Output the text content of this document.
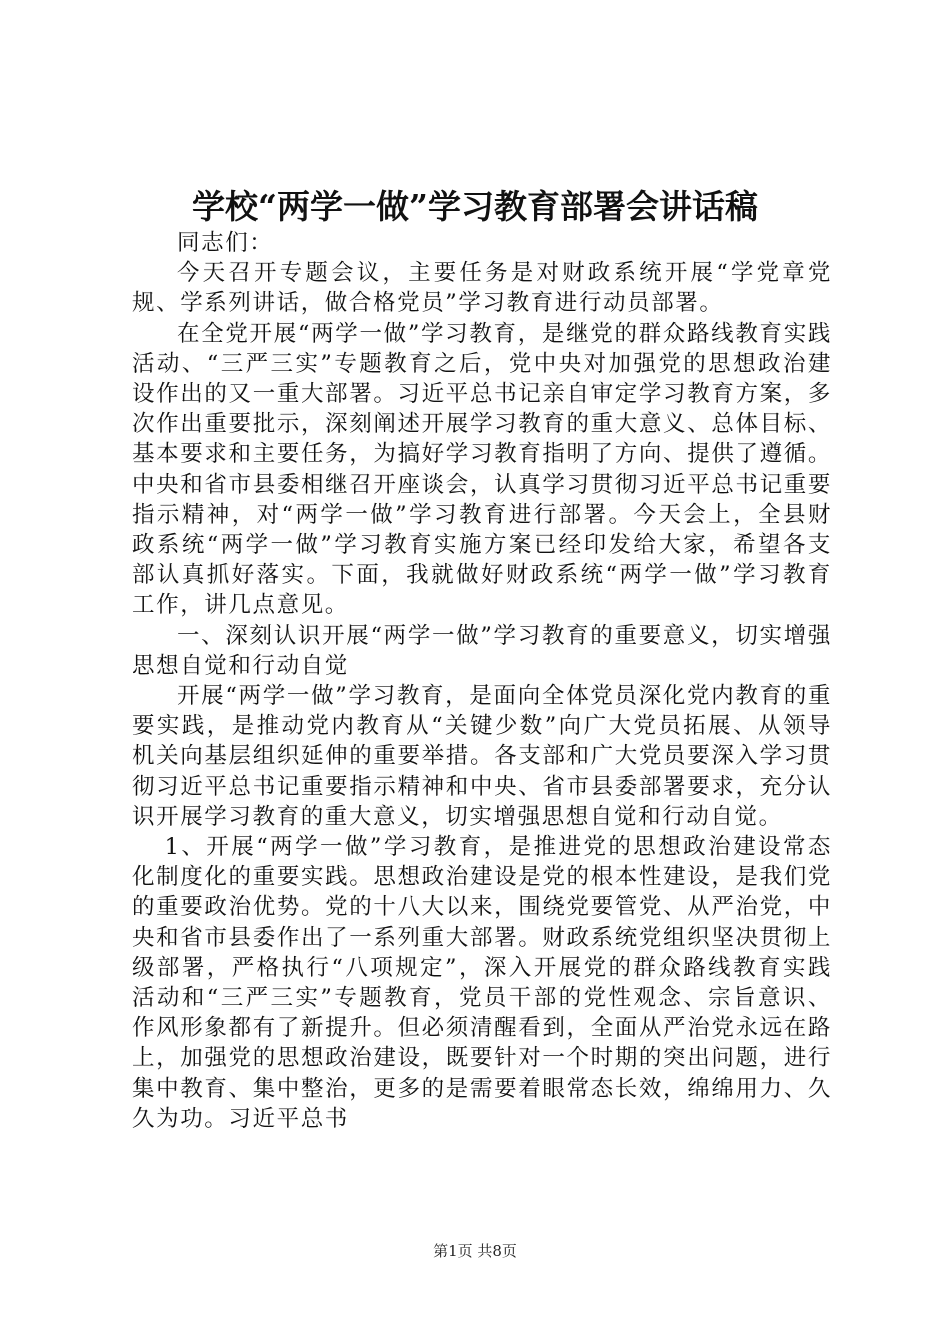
学校“两学一做”学习教育部署会讲话稿

同志们：

今天召开专题会议，主要任务是对财政系统开展“学党章党规、学系列讲话，做合格党员”学习教育进行动员部署。

在全党开展“两学一做”学习教育，是继党的群众路线教育实践活动、“三严三实”专题教育之后，党中央对加强党的思想政治建设作出的又一重大部署。习近平总书记亲自审定学习教育方案，多次作出重要批示，深刻阐述开展学习教育的重大意义、总体目标、基本要求和主要任务，为搞好学习教育指明了方向、提供了遵循。中央和省市县委相继召开座谈会，认真学习贯彻习近平总书记重要指示精神，对“两学一做”学习教育进行部署。今天会上，全县财政系统“两学一做”学习教育实施方案已经印发给大家，希望各支部认真抓好落实。下面，我就做好财政系统“两学一做”学习教育工作，讲几点意见。

一、深刻认识开展“两学一做”学习教育的重要意义，切实增强思想自觉和行动自觉

开展“两学一做”学习教育，是面向全体党员深化党内教育的重要实践，是推动党内教育从“关键少数”向广大党员拓展、从领导机关向基层组织延伸的重要举措。各支部和广大党员要深入学习贯彻习近平总书记重要指示精神和中央、省市县委部署要求，充分认识开展学习教育的重大意义，切实增强思想自觉和行动自觉。

1、开展“两学一做”学习教育，是推进党的思想政治建设常态化制度化的重要实践。思想政治建设是党的根本性建设，是我们党的重要政治优势。党的十八大以来，围绕党要管党、从严治党，中央和省市县委作出了一系列重大部署。财政系统党组织坚决贯彻上级部署，严格执行“八项规定”，深入开展党的群众路线教育实践活动和“三严三实”专题教育，党员干部的党性观念、宗旨意识、作风形象都有了新提升。但必须清醒看到，全面从严治党永远在路上，加强党的思想政治建设，既要针对一个时期的突出问题，进行集中教育、集中整治，更多的是需要着眼常态长效，绵绵用力、久久为功。习近平总书

第1页 共8页
